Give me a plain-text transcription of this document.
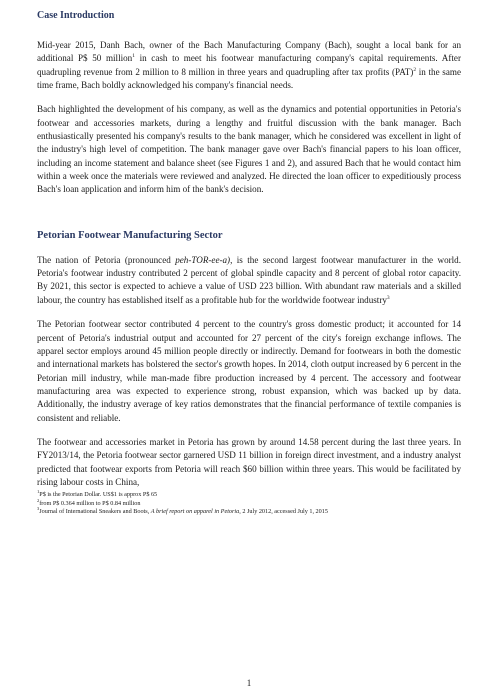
Case Introduction

Mid-year 2015, Danh Bach, owner of the Bach Manufacturing Company (Bach), sought a local bank for an additional P$ 50 million$^1$ in cash to meet his footwear manufacturing company's capital requirements. After quadrupling revenue from 2 million to 8 million in three years and quadrupling after tax profits (PAT)$^2$ in the same time frame, Bach boldly acknowledged his company's financial needs.

Bach highlighted the development of his company, as well as the dynamics and potential opportunities in Petoria's footwear and accessories markets, during a lengthy and fruitful discussion with the bank manager. Bach enthusiastically presented his company's results to the bank manager, which he considered was excellent in light of the industry's high level of competition. The bank manager gave over Bach's financial papers to his loan officer, including an income statement and balance sheet (see Figures 1 and 2), and assured Bach that he would contact him within a week once the materials were reviewed and analyzed. He directed the loan officer to expeditiously process Bach's loan application and inform him of the bank's decision.

Petorian Footwear Manufacturing Sector

The nation of Petoria (pronounced peh-TOR-ee-a), is the second largest footwear manufacturer in the world. Petoria's footwear industry contributed 2 percent of global spindle capacity and 8 percent of global rotor capacity. By 2021, this sector is expected to achieve a value of USD 223 billion. With abundant raw materials and a skilled labour, the country has established itself as a profitable hub for the worldwide footwear industry$^3$

The Petorian footwear sector contributed 4 percent to the country's gross domestic product; it accounted for 14 percent of Petoria's industrial output and accounted for 27 percent of the city's foreign exchange inflows. The apparel sector employs around 45 million people directly or indirectly. Demand for footwears in both the domestic and international markets has bolstered the sector's growth hopes. In 2014, cloth output increased by 6 percent in the Petorian mill industry, while man-made fibre production increased by 4 percent. The accessory and footwear manufacturing area was expected to experience strong, robust expansion, which was backed up by data. Additionally, the industry average of key ratios demonstrates that the financial performance of textile companies is consistent and reliable.

The footwear and accessories market in Petoria has grown by around 14.58 percent during the last three years. In FY2013/14, the Petoria footwear sector garnered USD 11 billion in foreign direct investment, and a industry analyst predicted that footwear exports from Petoria will reach $60 billion within three years. This would be facilitated by rising labour costs in China,

$^1$P$ is the Petorian Dollar. US$1 is approx P$ 65
$^2$from P$ 0.364 million to P$ 0.84 million
$^3$Journal of International Sneakers and Boots, A brief report on apparel in Petoria, 2 July 2012, accessed July 1, 2015
1
